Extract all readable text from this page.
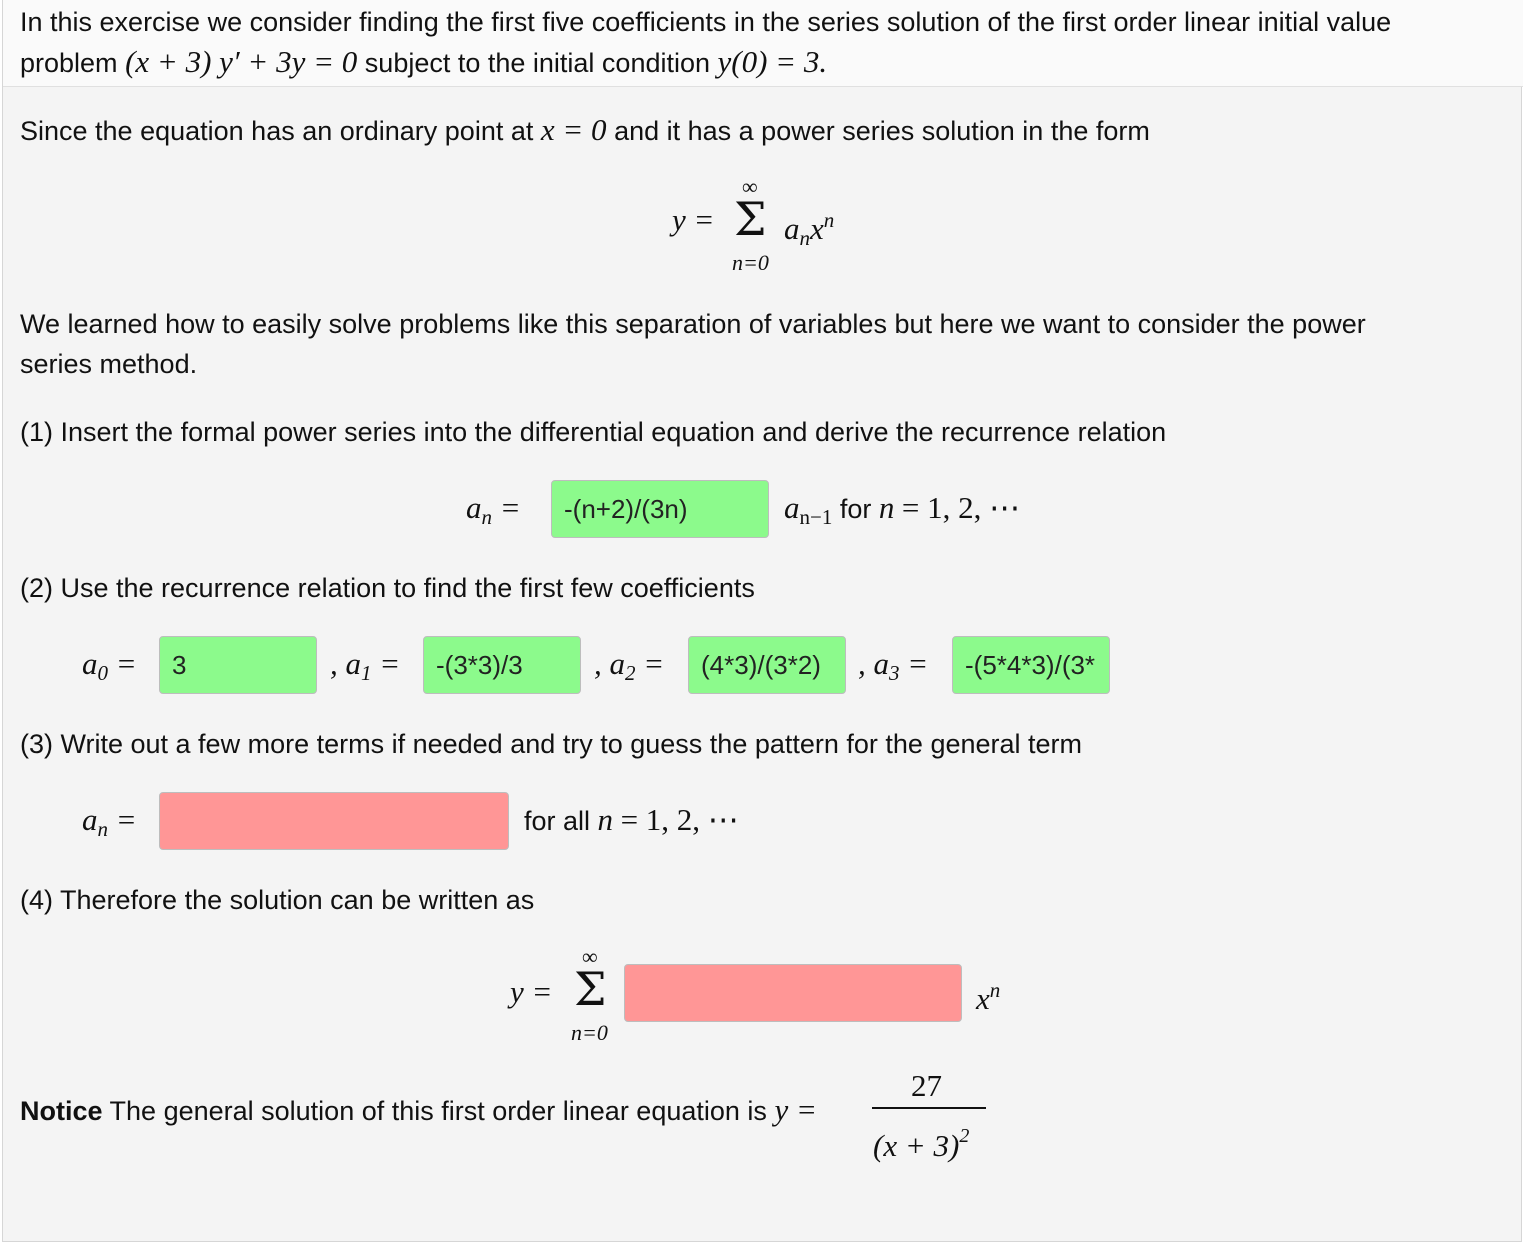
In this exercise we consider finding the first five coefficients in the series solution of the first order linear initial value
problem (x + 3) y′ + 3y = 0 subject to the initial condition y(0) = 3.
Since the equation has an ordinary point at x = 0 and it has a power series solution in the form
y =
∞
Σ
n=0
$a_nx^n$
We learned how to easily solve problems like this separation of variables but here we want to consider the power
series method.
(1) Insert the formal power series into the differential equation and derive the recurrence relation
$a_n$ =	-(n+2)/(3n)	$a_{n-1}$ for n = 1, 2, ⋯
(2) Use the recurrence relation to find the first few coefficients
a0 =	3	, a1 =	-(3*3)/3	, a2 =	(4*3)/(3*2)	, a3 =	-(5*4*3)/(3*
(3) Write out a few more terms if needed and try to guess the pattern for the general term
$a_n$ =	for all n = 1, 2, ⋯
(4) Therefore the solution can be written as
y =
∞
Σ
n=0
$x^n$
Notice The general solution of this first order linear equation is y =
27
$(x + 3)^2$
